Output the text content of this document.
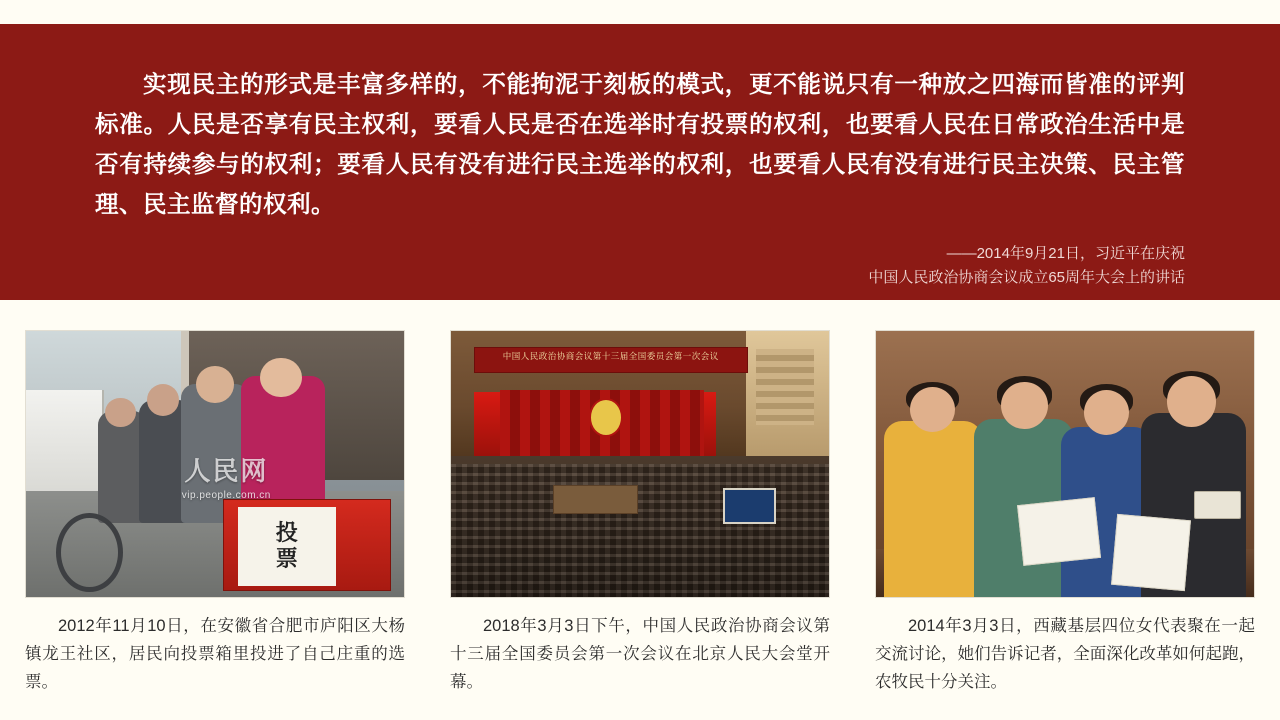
实现民主的形式是丰富多样的，不能拘泥于刻板的模式，更不能说只有一种放之四海而皆准的评判标准。人民是否享有民主权利，要看人民是否在选举时有投票的权利，也要看人民在日常政治生活中是否有持续参与的权利；要看人民有没有进行民主选举的权利，也要看人民有没有进行民主决策、民主管理、民主监督的权利。

——2014年9月21日，习近平在庆祝
中国人民政治协商会议成立65周年大会上的讲话
投
票
人民网
vip.people.com.cn
2012年11月10日，在安徽省合肥市庐阳区大杨镇龙王社区，居民向投票箱里投进了自己庄重的选票。
中国人民政治协商会议第十三届全国委员会第一次会议
2018年3月3日下午，中国人民政治协商会议第十三届全国委员会第一次会议在北京人民大会堂开幕。
2014年3月3日，西藏基层四位女代表聚在一起交流讨论，她们告诉记者，全面深化改革如何起跑，农牧民十分关注。
